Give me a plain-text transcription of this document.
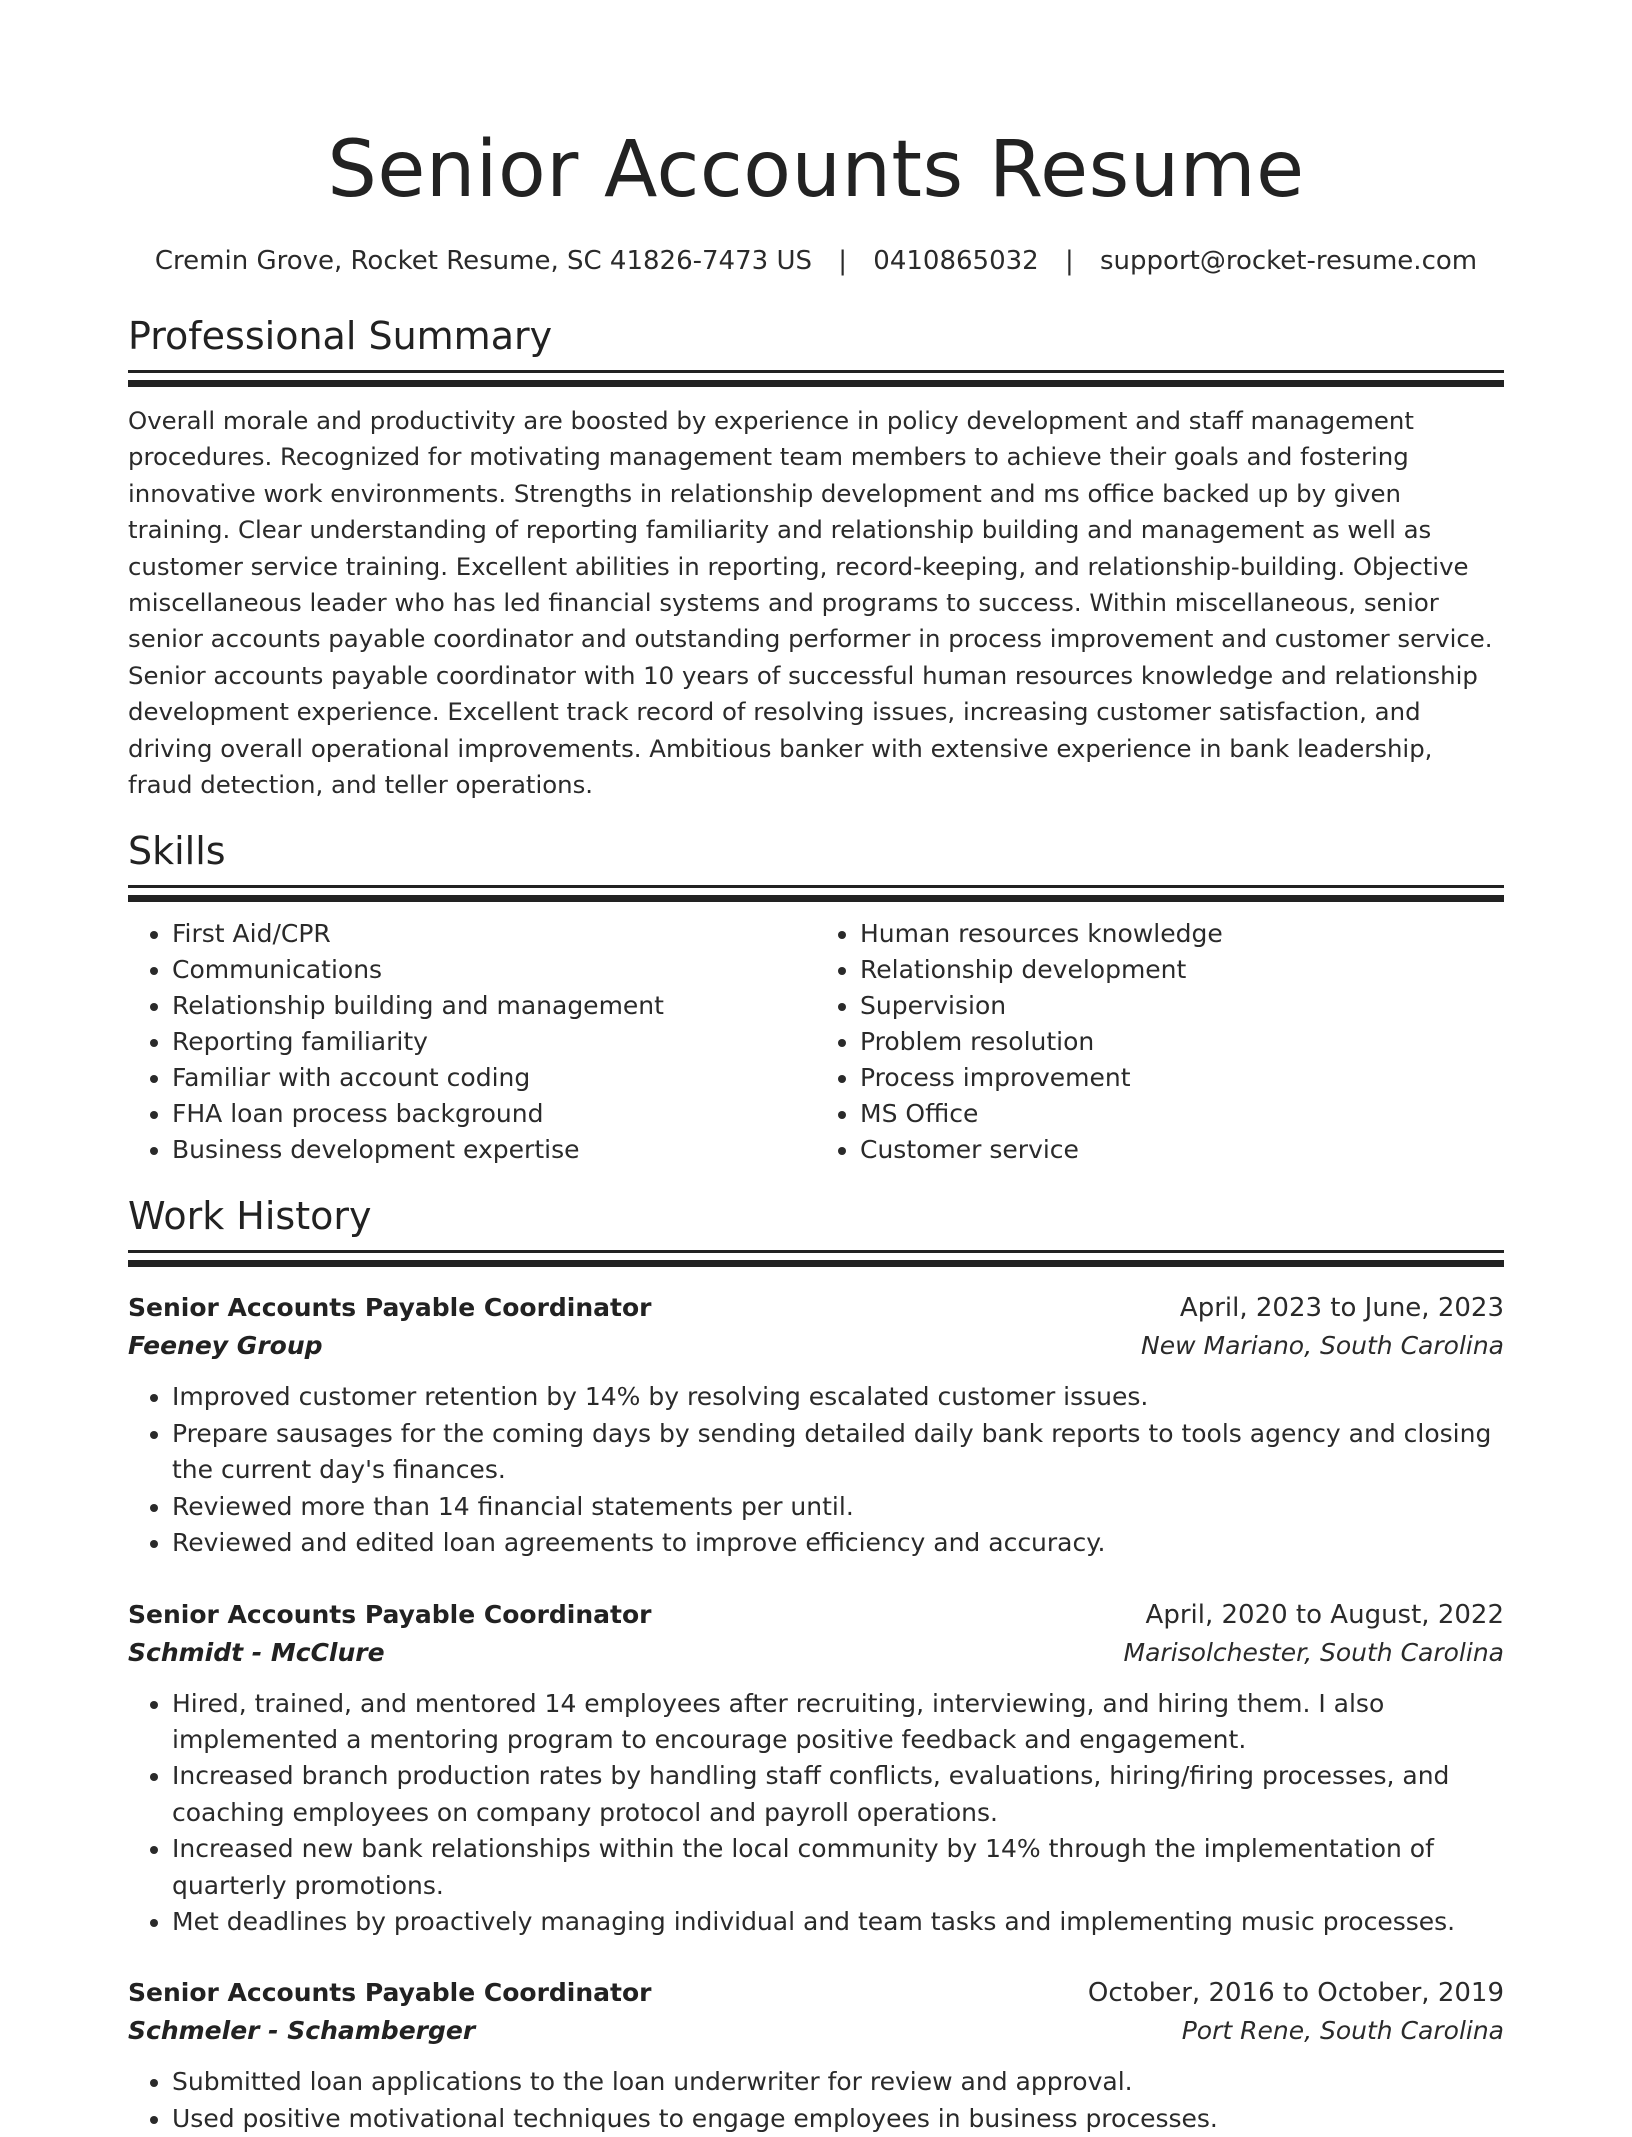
Senior Accounts Resume
Cremin Grove, Rocket Resume, SC 41826-7473 US | 0410865032 | support@rocket-resume.com
Professional Summary

Overall morale and productivity are boosted by experience in policy development and staff management procedures. Recognized for motivating management team members to achieve their goals and fostering innovative work environments. Strengths in relationship development and ms office backed up by given training. Clear understanding of reporting familiarity and relationship building and management as well as customer service training. Excellent abilities in reporting, record-keeping, and relationship-building. Objective miscellaneous leader who has led financial systems and programs to success. Within miscellaneous, senior senior accounts payable coordinator and outstanding performer in process improvement and customer service. Senior accounts payable coordinator with 10 years of successful human resources knowledge and relationship development experience. Excellent track record of resolving issues, increasing customer satisfaction, and driving overall operational improvements. Ambitious banker with extensive experience in bank leadership, fraud detection, and teller operations.

Skills
• First Aid/CPR
• Communications
• Relationship building and management
• Reporting familiarity
• Familiar with account coding
• FHA loan process background
• Business development expertise
• Human resources knowledge
• Relationship development
• Supervision
• Problem resolution
• Process improvement
• MS Office
• Customer service
Work History
Senior Accounts Payable Coordinator	April, 2023 to June, 2023
Feeney Group	New Mariano, South Carolina
• Improved customer retention by 14% by resolving escalated customer issues.
• Prepare sausages for the coming days by sending detailed daily bank reports to tools agency and closing the current day's finances.
• Reviewed more than 14 financial statements per until.
• Reviewed and edited loan agreements to improve efficiency and accuracy.
Senior Accounts Payable Coordinator	April, 2020 to August, 2022
Schmidt - McClure	Marisolchester, South Carolina
• Hired, trained, and mentored 14 employees after recruiting, interviewing, and hiring them. I also implemented a mentoring program to encourage positive feedback and engagement.
• Increased branch production rates by handling staff conflicts, evaluations, hiring/firing processes, and coaching employees on company protocol and payroll operations.
• Increased new bank relationships within the local community by 14% through the implementation of quarterly promotions.
• Met deadlines by proactively managing individual and team tasks and implementing music processes.
Senior Accounts Payable Coordinator	October, 2016 to October, 2019
Schmeler - Schamberger	Port Rene, South Carolina
• Submitted loan applications to the loan underwriter for review and approval.
• Used positive motivational techniques to engage employees in business processes.
